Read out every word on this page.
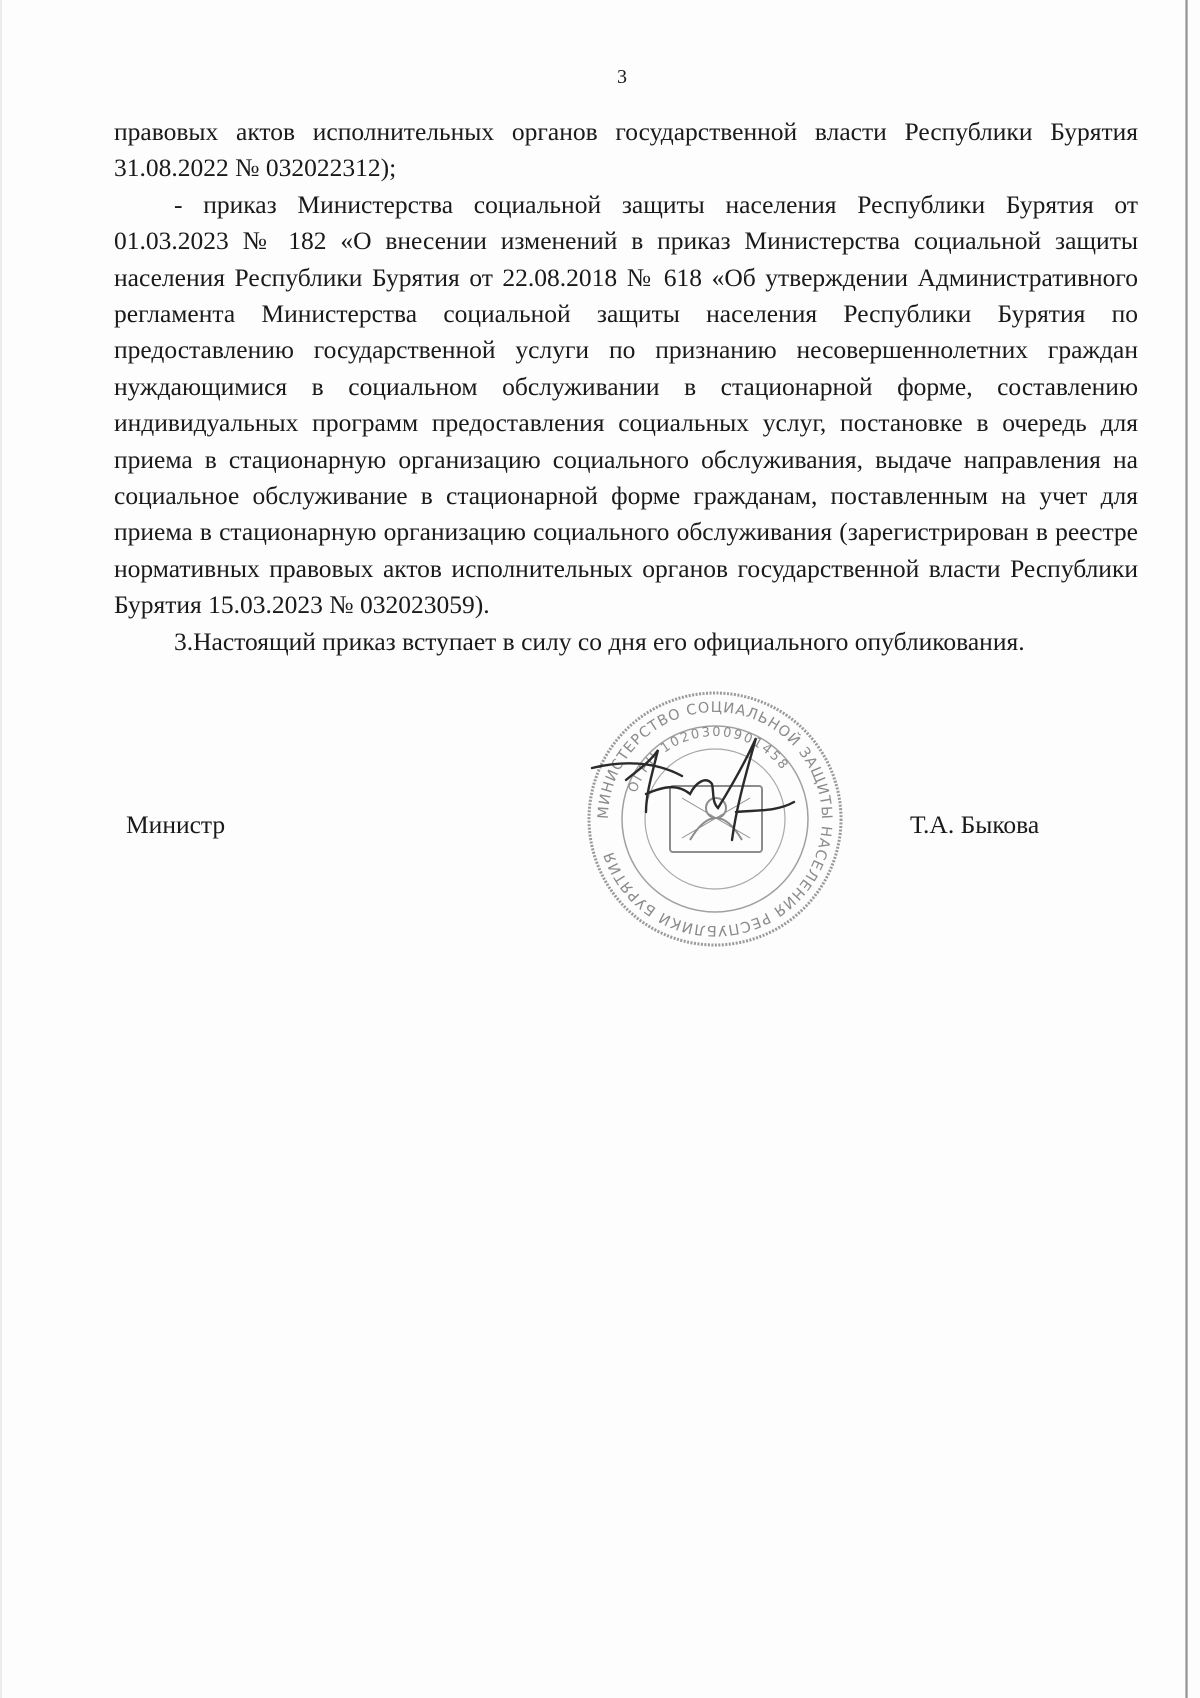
3

правовых актов исполнительных органов государственной власти Республики Бурятия 31.08.2022 № 032022312);

- приказ Министерства социальной защиты населения Республики Бурятия от 01.03.2023 № 182 «О внесении изменений в приказ Министерства социальной защиты населения Республики Бурятия от 22.08.2018 № 618 «Об утверждении Административного регламента Министерства социальной защиты населения Республики Бурятия по предоставлению государственной услуги по признанию несовершеннолетних граждан нуждающимися в социальном обслуживании в стационарной форме, составлению индивидуальных программ предоставления социальных услуг, постановке в очередь для приема в стационарную организацию социального обслуживания, выдаче направления на социальное обслуживание в стационарной форме гражданам, поставленным на учет для приема в стационарную организацию социального обслуживания (зарегистрирован в реестре нормативных правовых актов исполнительных органов государственной власти Республики Бурятия 15.03.2023 № 032023059).

3.Настоящий приказ вступает в силу со дня его официального опубликования.

Министр	Т.А. Быкова
МИНИСТЕРСТВО СОЦИАЛЬНОЙ ЗАЩИТЫ НАСЕЛЕНИЯ РЕСПУБЛИКИ БУРЯТИЯ
ОГРН 1020300901458
